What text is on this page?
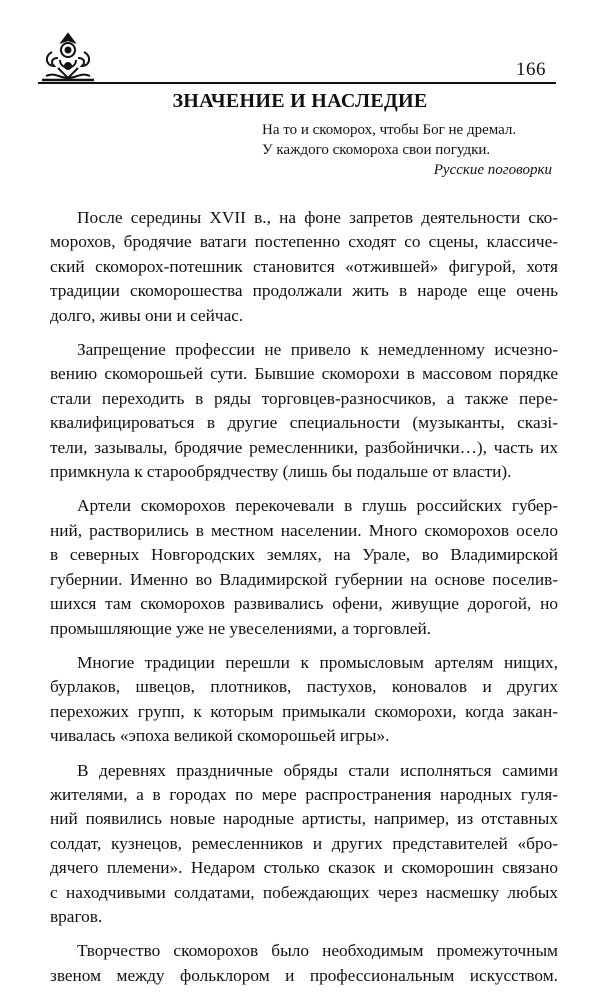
166
ЗНАЧЕНИЕ И НАСЛЕДИЕ
На то и скоморох, чтобы Бог не дремал.
У каждого скомороха свои погудки.
Русские поговорки

После середины XVII в., на фоне запретов деятельности ско-
морохов, бродячие ватаги постепенно сходят со сцены, классиче-
ский скоморох-потешник становится «отжившей» фигурой, хотя
традиции скоморошества продолжали жить в народе еще очень
долго, живы они и сейчас.

Запрещение профессии не привело к немедленному исчезно-
вению скоморошьей сути. Бывшие скоморохи в массовом порядке
стали переходить в ряды торговцев-разносчиков, а также пере-
квалифицироваться в другие специальности (музыканты, сказі-
тели, зазывалы, бродячие ремесленники, разбойнички…), часть их
примкнула к старообрядчеству (лишь бы подальше от власти).

Артели скоморохов перекочевали в глушь российских губер-
ний, растворились в местном населении. Много скоморохов осело
в северных Новгородских землях, на Урале, во Владимирской
губернии. Именно во Владимирской губернии на основе поселив-
шихся там скоморохов развивались офени, живущие дорогой, но
промышляющие уже не увеселениями, а торговлей.

Многие традиции перешли к промысловым артелям нищих,
бурлаков, швецов, плотников, пастухов, коновалов и других
перехожих групп, к которым примыкали скоморохи, когда закан-
чивалась «эпоха великой скоморошьей игры».

В деревнях праздничные обряды стали исполняться самими
жителями, а в городах по мере распространения народных гуля-
ний появились новые народные артисты, например, из отставных
солдат, кузнецов, ремесленников и других представителей «бро-
дячего племени». Недаром столько сказок и скоморошин связано
с находчивыми солдатами, побеждающих через насмешку любых
врагов.

Творчество скоморохов было необходимым промежуточным
звеном между фольклором и профессиональным искусством.
